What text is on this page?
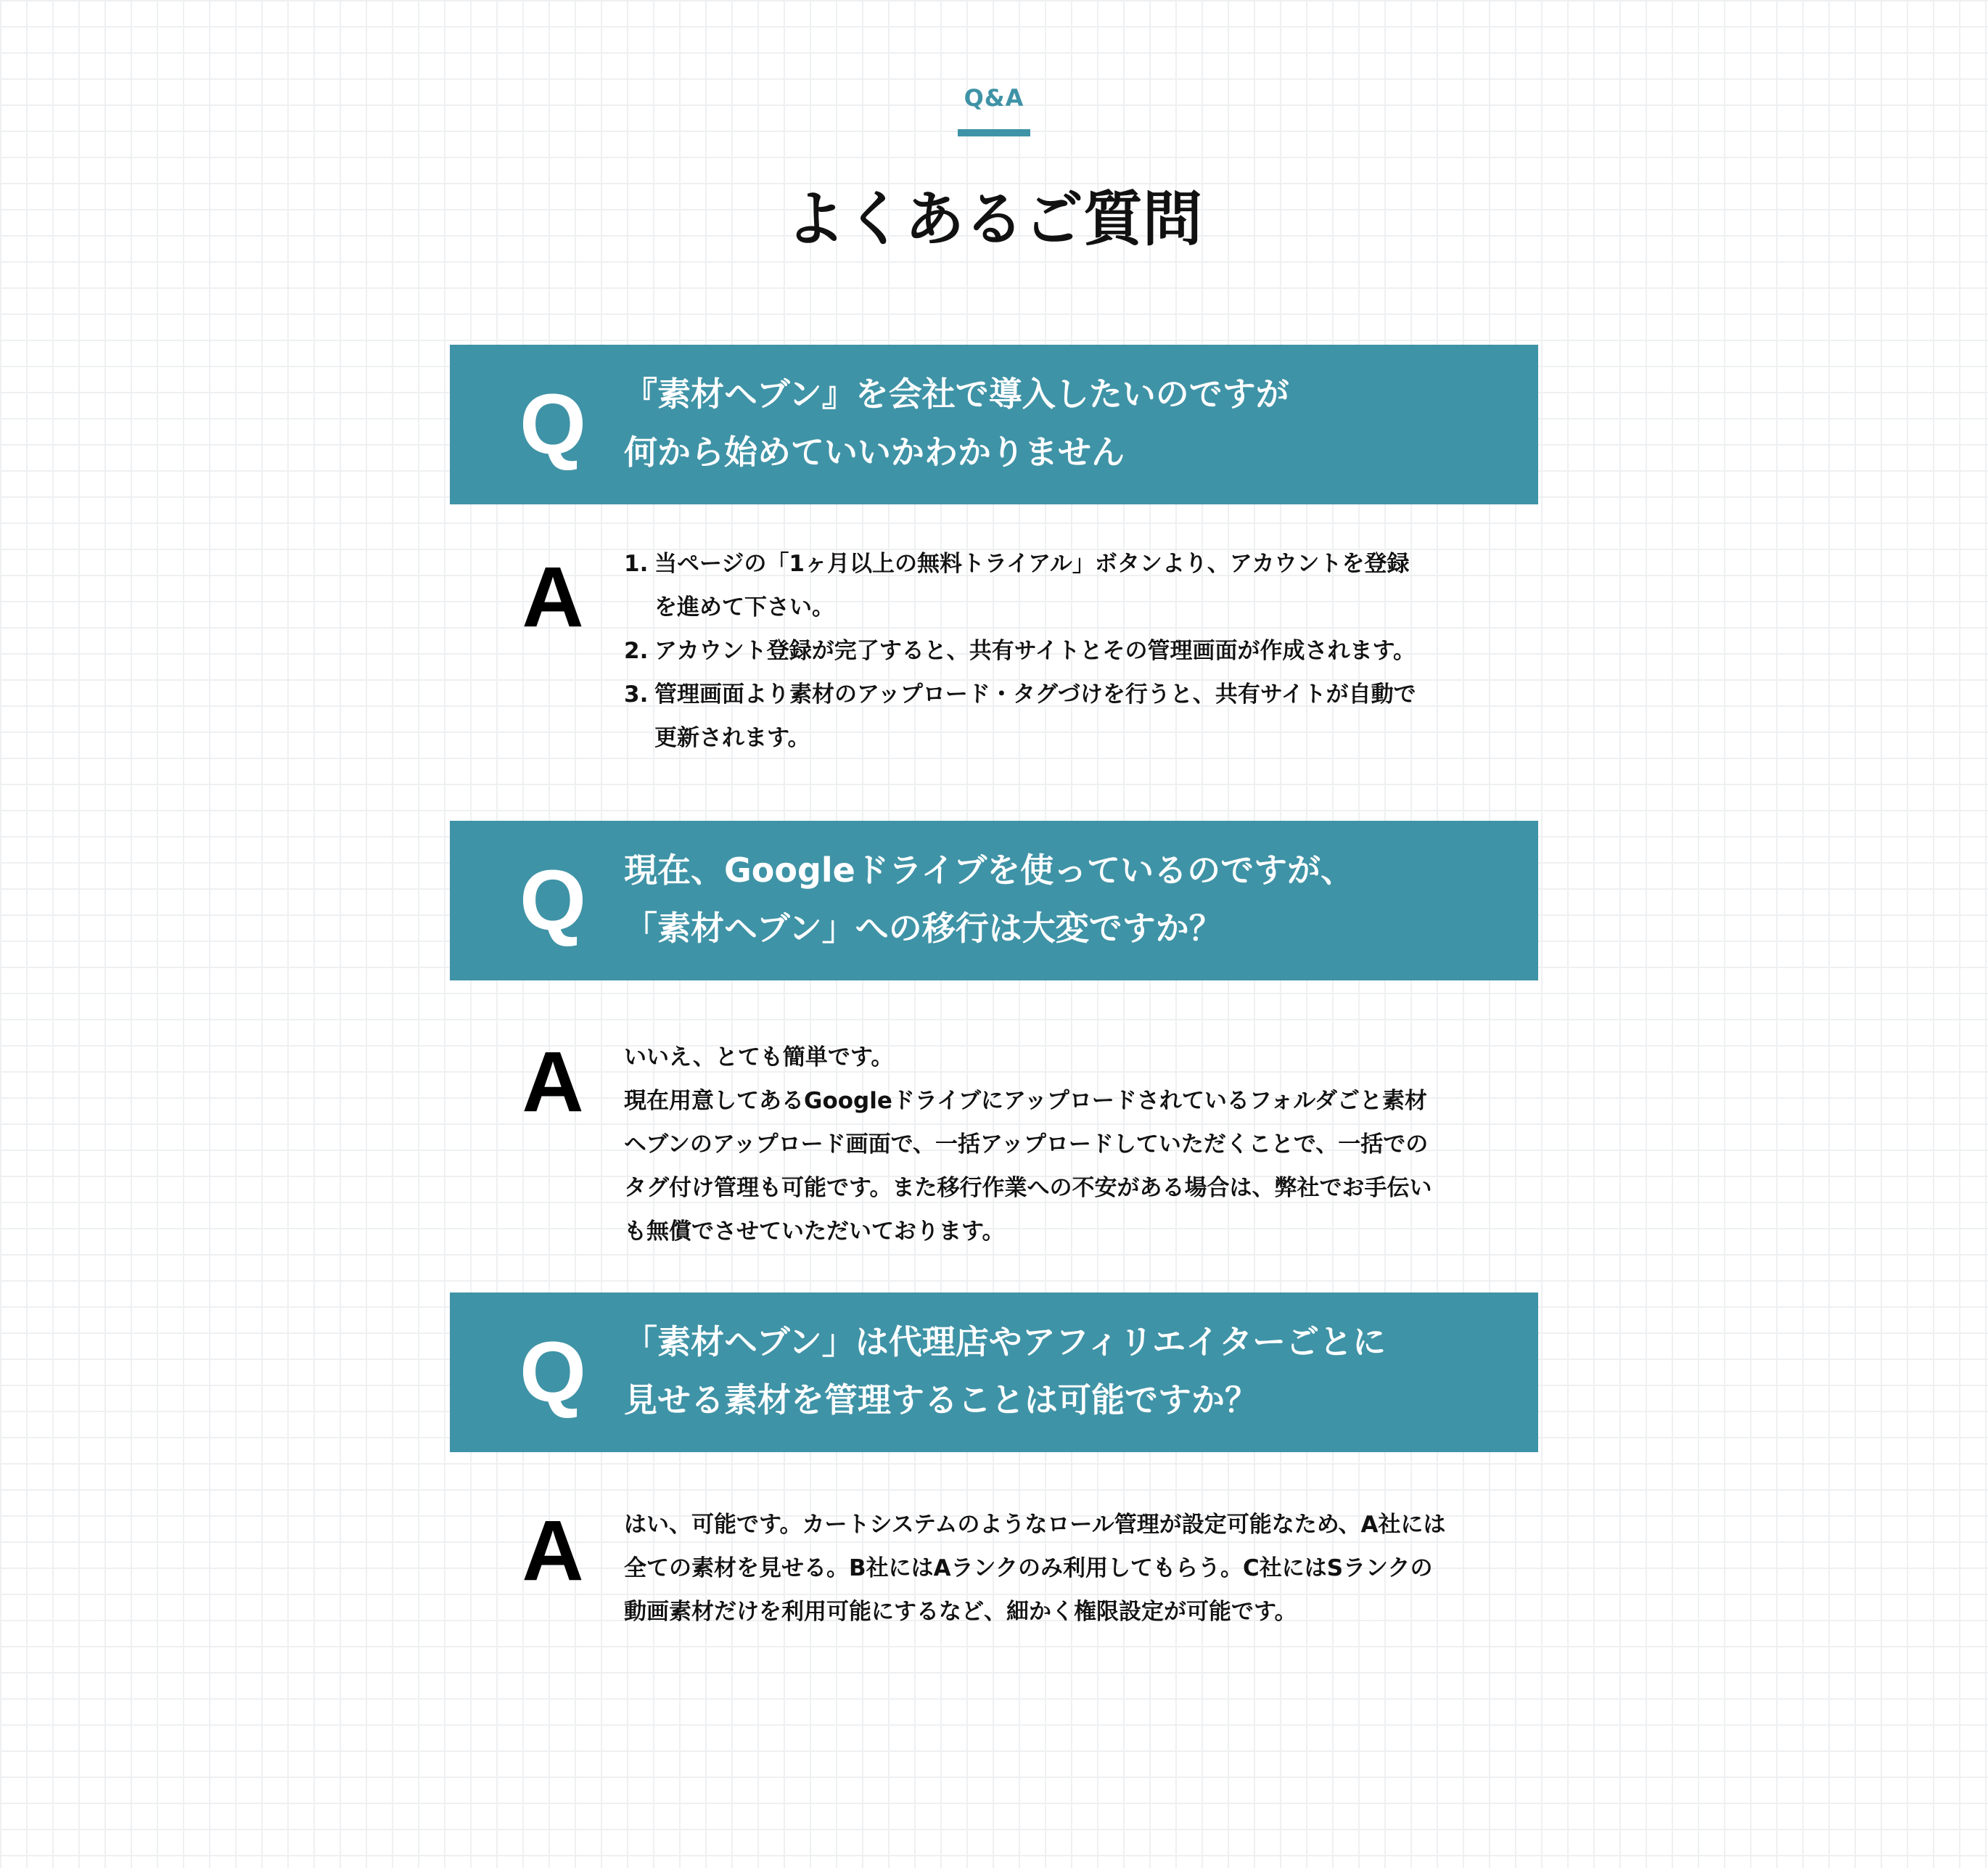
Q&A
よくあるご質問
Q	『素材ヘブン』を会社で導入したいのですが
何から始めていいかわかりません
A	1. 当ページの「1ヶ月以上の無料トライアル」ボタンより、アカウントを登録
を進めて下さい。
2. アカウント登録が完了すると、共有サイトとその管理画面が作成されます。
3. 管理画面より素材のアップロード・タグづけを行うと、共有サイトが自動で
更新されます。
Q	現在、Googleドライブを使っているのですが、
「素材ヘブン」への移行は大変ですか？
A	いいえ、とても簡単です。
現在用意してあるGoogleドライブにアップロードされているフォルダごと素材
ヘブンのアップロード画面で、一括アップロードしていただくことで、一括での
タグ付け管理も可能です。また移行作業への不安がある場合は、弊社でお手伝い
も無償でさせていただいております。
Q	「素材ヘブン」は代理店やアフィリエイターごとに
見せる素材を管理することは可能ですか？
A	はい、可能です。カートシステムのようなロール管理が設定可能なため、A社には
全ての素材を見せる。B社にはAランクのみ利用してもらう。C社にはSランクの
動画素材だけを利用可能にするなど、細かく権限設定が可能です。
